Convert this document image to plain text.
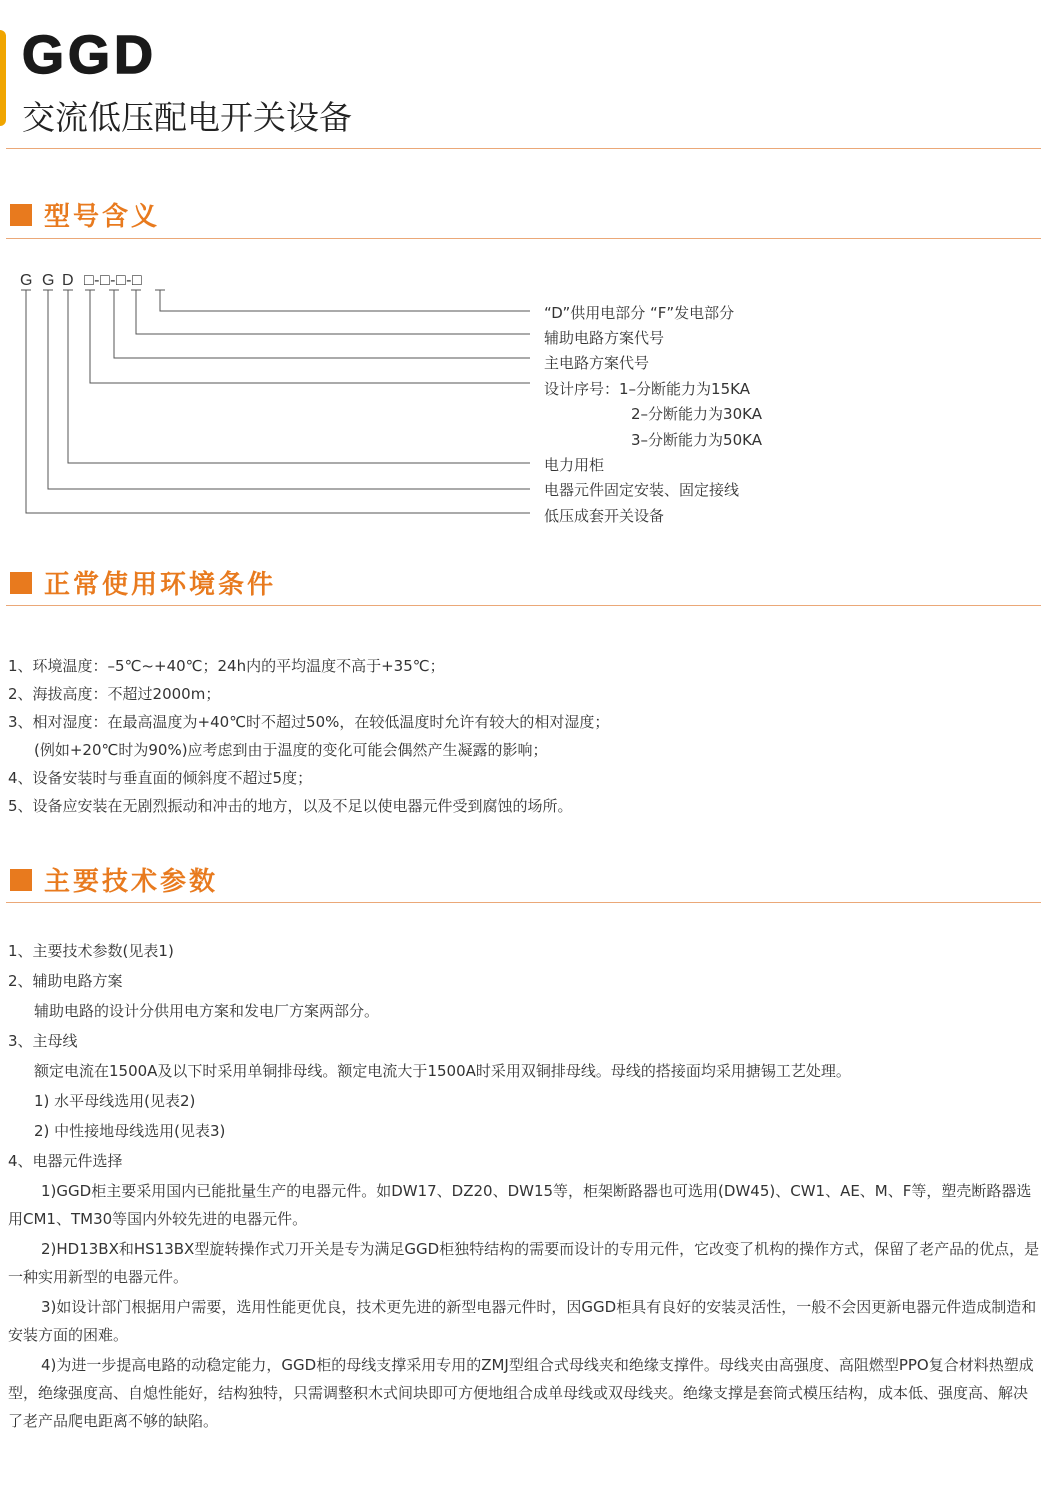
GGD
交流低压配电开关设备
型号含义
G G D □-□-□-□
“D”供用电部分 “F”发电部分
辅助电路方案代号
主电路方案代号
设计序号：1–分断能力为15KA
2–分断能力为30KA
3–分断能力为50KA
电力用柜
电器元件固定安装、固定接线
低压成套开关设备
正常使用环境条件
1、环境温度：–5℃~+40℃；24h内的平均温度不高于+35℃；
2、海拔高度：不超过2000m；
3、相对湿度：在最高温度为+40℃时不超过50%，在较低温度时允许有较大的相对湿度；
(例如+20℃时为90%)应考虑到由于温度的变化可能会偶然产生凝露的影响；
4、设备安装时与垂直面的倾斜度不超过5度；
5、设备应安装在无剧烈振动和冲击的地方，以及不足以使电器元件受到腐蚀的场所。
主要技术参数
1、主要技术参数(见表1)
2、辅助电路方案
辅助电路的设计分供用电方案和发电厂方案两部分。
3、主母线
额定电流在1500A及以下时采用单铜排母线。额定电流大于1500A时采用双铜排母线。母线的搭接面均采用搪锡工艺处理。
1) 水平母线选用(见表2)
2) 中性接地母线选用(见表3)
4、电器元件选择
1)GGD柜主要采用国内已能批量生产的电器元件。如DW17、DZ20、DW15等，柜架断路器也可选用(DW45)、CW1、AE、M、F等，塑壳断路器选用CM1、TM30等国内外较先进的电器元件。
2)HD13BX和HS13BX型旋转操作式刀开关是专为满足GGD柜独特结构的需要而设计的专用元件，它改变了机构的操作方式，保留了老产品的优点，是一种实用新型的电器元件。
3)如设计部门根据用户需要，选用性能更优良，技术更先进的新型电器元件时，因GGD柜具有良好的安装灵活性，一般不会因更新电器元件造成制造和安装方面的困难。
4)为进一步提高电路的动稳定能力，GGD柜的母线支撑采用专用的ZMJ型组合式母线夹和绝缘支撑件。母线夹由高强度、高阻燃型PPO复合材料热塑成型，绝缘强度高、自熄性能好，结构独特，只需调整积木式间块即可方便地组合成单母线或双母线夹。绝缘支撑是套筒式模压结构，成本低、强度高、解决了老产品爬电距离不够的缺陷。
